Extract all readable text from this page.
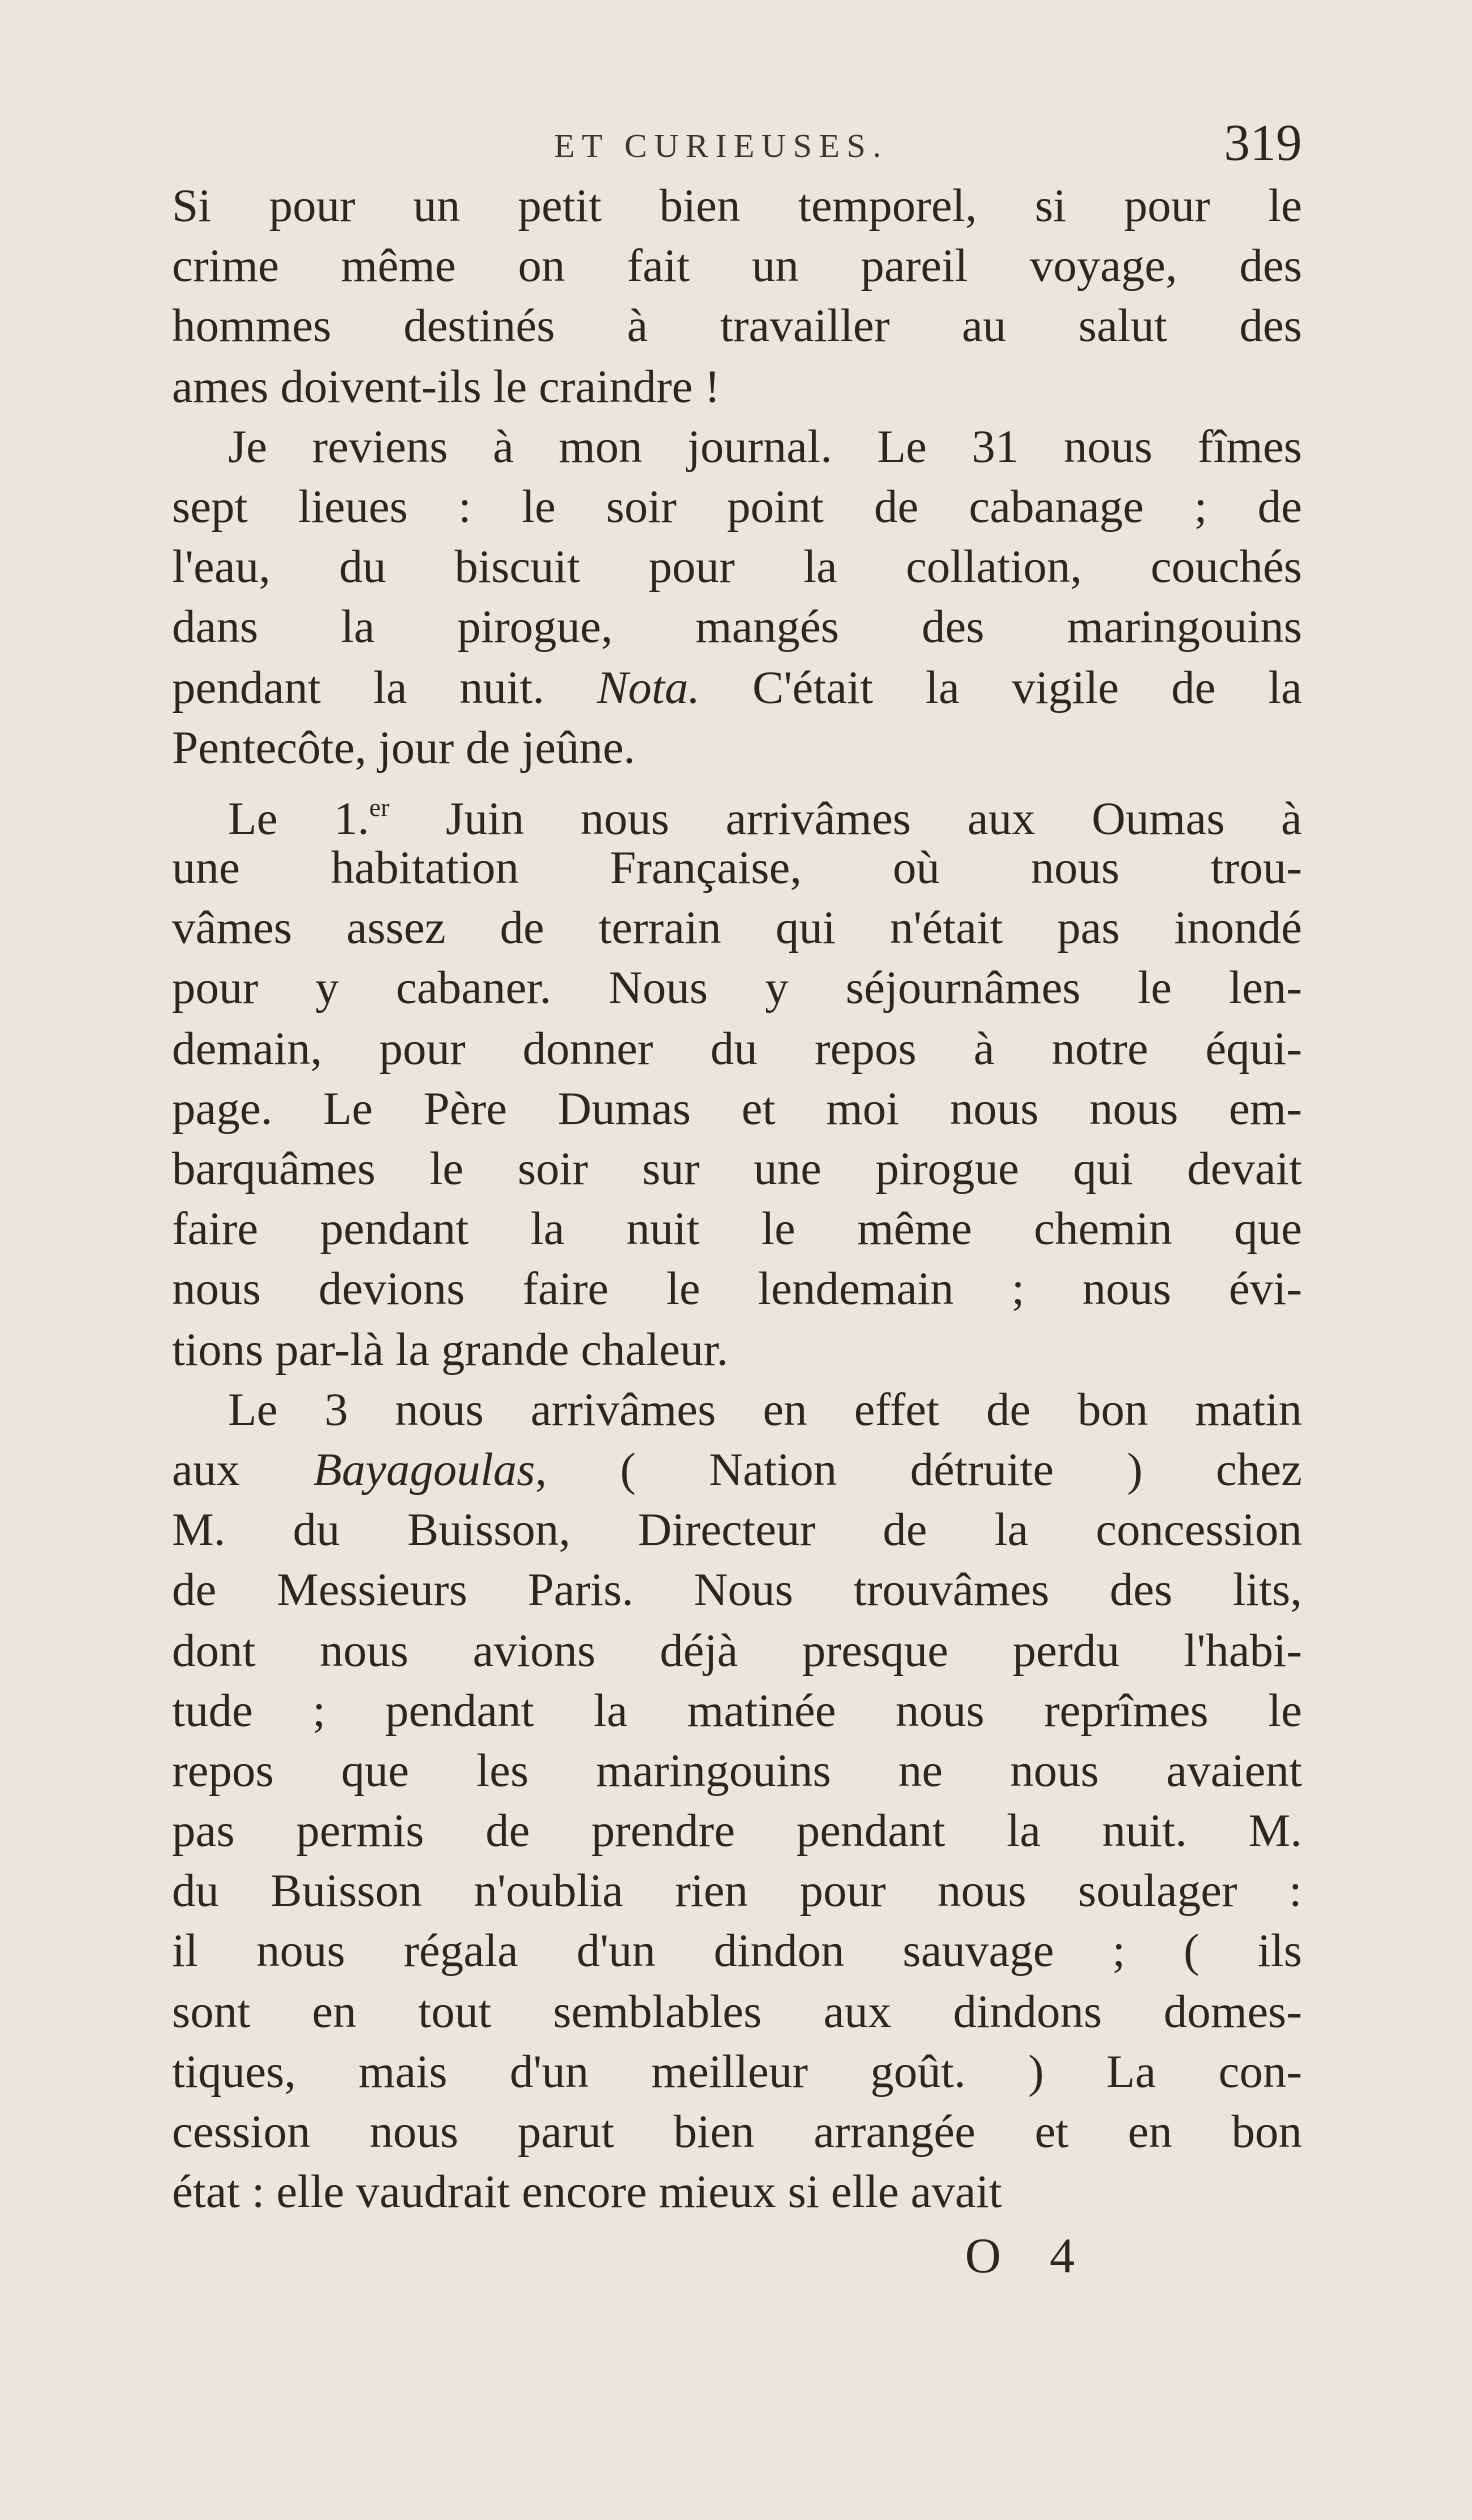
ET CURIEUSES.	319
Si pour un petit bien temporel, si pour le
crime même on fait un pareil voyage, des
hommes destinés à travailler au salut des
ames doivent-ils le craindre !
Je reviens à mon journal. Le 31 nous fîmes
sept lieues : le soir point de cabanage ; de
l'eau, du biscuit pour la collation, couchés
dans la pirogue, mangés des maringouins
pendant la nuit. Nota. C'était la vigile de la
Pentecôte, jour de jeûne.
Le 1.$^{er}$ Juin nous arrivâmes aux Oumas à
une habitation Française, où nous trou-
vâmes assez de terrain qui n'était pas inondé
pour y cabaner. Nous y séjournâmes le len-
demain, pour donner du repos à notre équi-
page. Le Père Dumas et moi nous nous em-
barquâmes le soir sur une pirogue qui devait
faire pendant la nuit le même chemin que
nous devions faire le lendemain ; nous évi-
tions par-là la grande chaleur.
Le 3 nous arrivâmes en effet de bon matin
aux Bayagoulas, ( Nation détruite ) chez
M. du Buisson, Directeur de la concession
de Messieurs Paris. Nous trouvâmes des lits,
dont nous avions déjà presque perdu l'habi-
tude ; pendant la matinée nous reprîmes le
repos que les maringouins ne nous avaient
pas permis de prendre pendant la nuit. M.
du Buisson n'oublia rien pour nous soulager :
il nous régala d'un dindon sauvage ; ( ils
sont en tout semblables aux dindons domes-
tiques, mais d'un meilleur goût. ) La con-
cession nous parut bien arrangée et en bon
état : elle vaudrait encore mieux si elle avait
O 4
